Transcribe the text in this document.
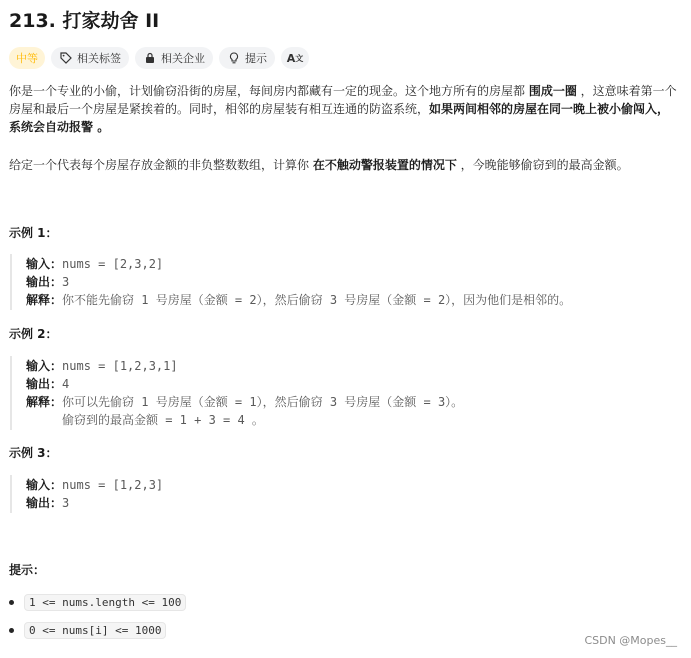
213. 打家劫舍 II
中等	相关标签	相关企业	提示 A 文
你是一个专业的小偷，计划偷窃沿街的房屋，每间房内都藏有一定的现金。这个地方所有的房屋都 围成一圈 ，这意味着第一个房屋和最后一个房屋是紧挨着的。同时，相邻的房屋装有相互连通的防盗系统，如果两间相邻的房屋在同一晚上被小偷闯入，系统会自动报警 。
给定一个代表每个房屋存放金额的非负整数数组，计算你 在不触动警报装置的情况下 ，今晚能够偷窃到的最高金额。
示例 1：
输入：nums = [2,3,2]
输出：3
解释：你不能先偷窃 1 号房屋（金额 = 2），然后偷窃 3 号房屋（金额 = 2），因为他们是相邻的。
示例 2：
输入：nums = [1,2,3,1]
输出：4
解释：你可以先偷窃 1 号房屋（金额 = 1），然后偷窃 3 号房屋（金额 = 3）。
偷窃到的最高金额 = 1 + 3 = 4 。
示例 3：
输入：nums = [1,2,3]
输出：3
提示：
1 <= nums.length <= 100
0 <= nums[i] <= 1000
CSDN @Mopes__
